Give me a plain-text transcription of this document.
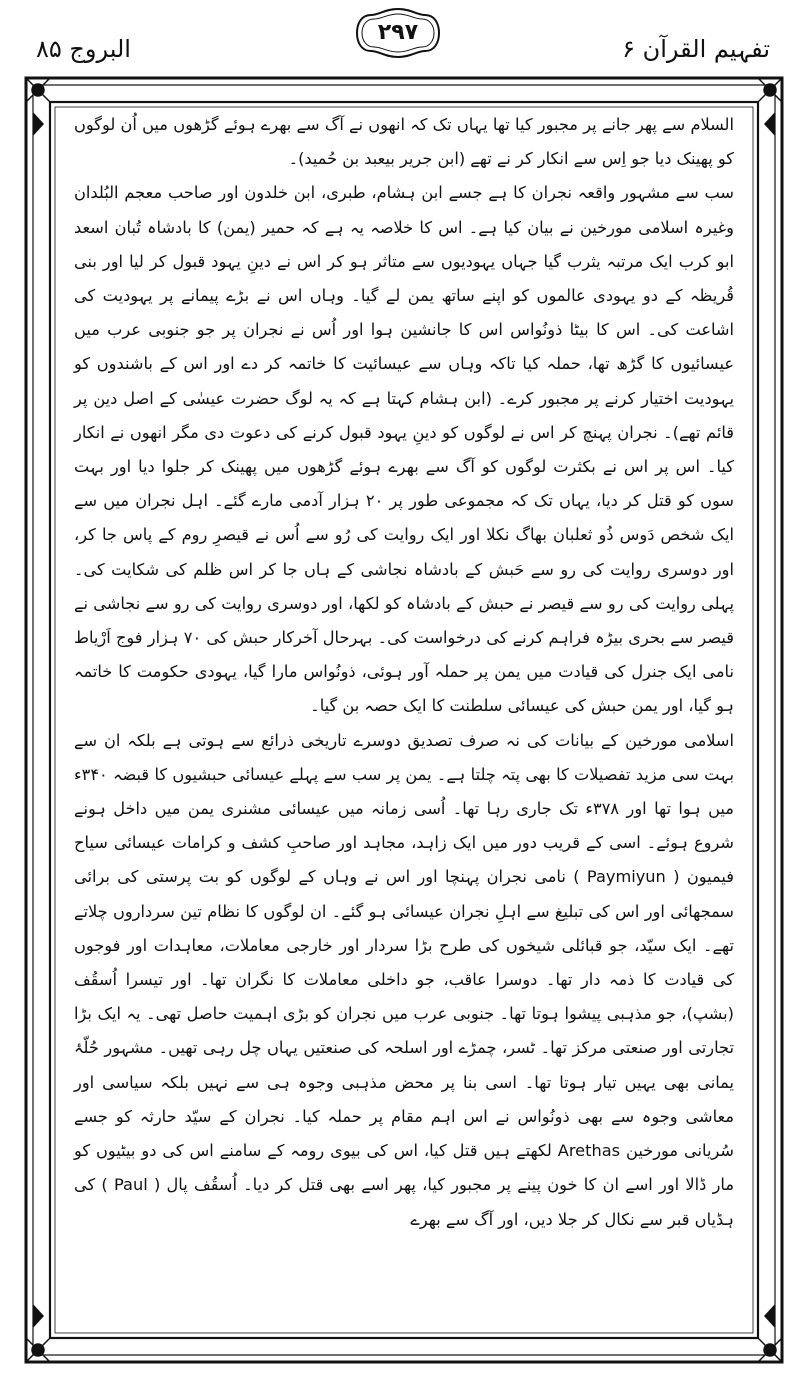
البروج ۸۵
۲۹۷
تفہیم القرآن ۶

السلام سے پھر جانے پر مجبور کیا تھا یہاں تک کہ انھوں نے آگ سے بھرے ہوئے گڑھوں میں اُن لوگوں کو پھینک دیا جو اِس سے انکار کر نے تھے (ابن جریر بیعبد بن حُمید)۔

سب سے مشہور واقعہ نجران کا ہے جسے ابن ہشام، طبری، ابن خلدون اور صاحب معجم البُلدان وغیرہ اسلامی مورخین نے بیان کیا ہے۔ اس کا خلاصہ یہ ہے کہ حمیر (یمن) کا بادشاہ تُبان اسعد ابو کرب ایک مرتبہ یثرب گیا جہاں یہودیوں سے متاثر ہو کر اس نے دینِ یہود قبول کر لیا اور بنی قُریظہ کے دو یہودی عالموں کو اپنے ساتھ یمن لے گیا۔ وہاں اس نے بڑے پیمانے پر یہودیت کی اشاعت کی۔ اس کا بیٹا ذونُواس اس کا جانشین ہوا اور اُس نے نجران پر جو جنوبی عرب میں عیسائیوں کا گڑھ تھا، حملہ کیا تاکہ وہاں سے عیسائیت کا خاتمہ کر دے اور اس کے باشندوں کو یہودیت اختیار کرنے پر مجبور کرے۔ (ابن ہشام کہتا ہے کہ یہ لوگ حضرت عیسٰی کے اصل دین پر قائم تھے)۔ نجران پہنچ کر اس نے لوگوں کو دینِ یہود قبول کرنے کی دعوت دی مگر انھوں نے انکار کیا۔ اس پر اس نے بکثرت لوگوں کو آگ سے بھرے ہوئے گڑھوں میں پھینک کر جلوا دیا اور بہت سوں کو قتل کر دیا، یہاں تک کہ مجموعی طور پر ۲۰ ہزار آدمی مارے گئے۔ اہل نجران میں سے ایک شخص دَوس ذُو ثعلبان بھاگ نکلا اور ایک روایت کی رُو سے اُس نے قیصرِ روم کے پاس جا کر، اور دوسری روایت کی رو سے حَبش کے بادشاہ نجاشی کے ہاں جا کر اس ظلم کی شکایت کی۔ پہلی روایت کی رو سے قیصر نے حبش کے بادشاہ کو لکھا، اور دوسری روایت کی رو سے نجاشی نے قیصر سے بحری بیڑہ فراہم کرنے کی درخواست کی۔ بہرحال آخرکار حبش کی ۷۰ ہزار فوج اَرْیاط نامی ایک جنرل کی قیادت میں یمن پر حملہ آور ہوئی، ذونُواس مارا گیا، یہودی حکومت کا خاتمہ ہو گیا، اور یمن حبش کی عیسائی سلطنت کا ایک حصہ بن گیا۔

اسلامی مورخین کے بیانات کی نہ صرف تصدیق دوسرے تاریخی ذرائع سے ہوتی ہے بلکہ ان سے بہت سی مزید تفصیلات کا بھی پتہ چلتا ہے۔ یمن پر سب سے پہلے عیسائی حبشیوں کا قبضہ ۳۴۰ء میں ہوا تھا اور ۳۷۸ء تک جاری رہا تھا۔ اُسی زمانہ میں عیسائی مشنری یمن میں داخل ہونے شروع ہوئے۔ اسی کے قریب دور میں ایک زاہد، مجاہد اور صاحبِ کشف و کرامات عیسائی سیاح فیمیون ( Paymiyun ) نامی نجران پہنچا اور اس نے وہاں کے لوگوں کو بت پرستی کی برائی سمجھائی اور اس کی تبلیغ سے اہلِ نجران عیسائی ہو گئے۔ ان لوگوں کا نظام تین سرداروں چلاتے تھے۔ ایک سیّد، جو قبائلی شیخوں کی طرح بڑا سردار اور خارجی معاملات، معاہدات اور فوجوں کی قیادت کا ذمہ دار تھا۔ دوسرا عاقب، جو داخلی معاملات کا نگران تھا۔ اور تیسرا اُسقُف (بشپ)، جو مذہبی پیشوا ہوتا تھا۔ جنوبی عرب میں نجران کو بڑی اہمیت حاصل تھی۔ یہ ایک بڑا تجارتی اور صنعتی مرکز تھا۔ ٹسر، چمڑے اور اسلحہ کی صنعتیں یہاں چل رہی تھیں۔ مشہور حُلّۂ یمانی بھی یہیں تیار ہوتا تھا۔ اسی بنا پر محض مذہبی وجوہ ہی سے نہیں بلکہ سیاسی اور معاشی وجوہ سے بھی ذونُواس نے اس اہم مقام پر حملہ کیا۔ نجران کے سیّد حارثہ کو جسے سُریانی مورخین Arethas لکھتے ہیں قتل کیا، اس کی بیوی رومہ کے سامنے اس کی دو بیٹیوں کو مار ڈالا اور اسے ان کا خون پینے پر مجبور کیا، پھر اسے بھی قتل کر دیا۔ اُسقُف پال ( Paul ) کی ہڈیاں قبر سے نکال کر جلا دیں، اور آگ سے بھرے
